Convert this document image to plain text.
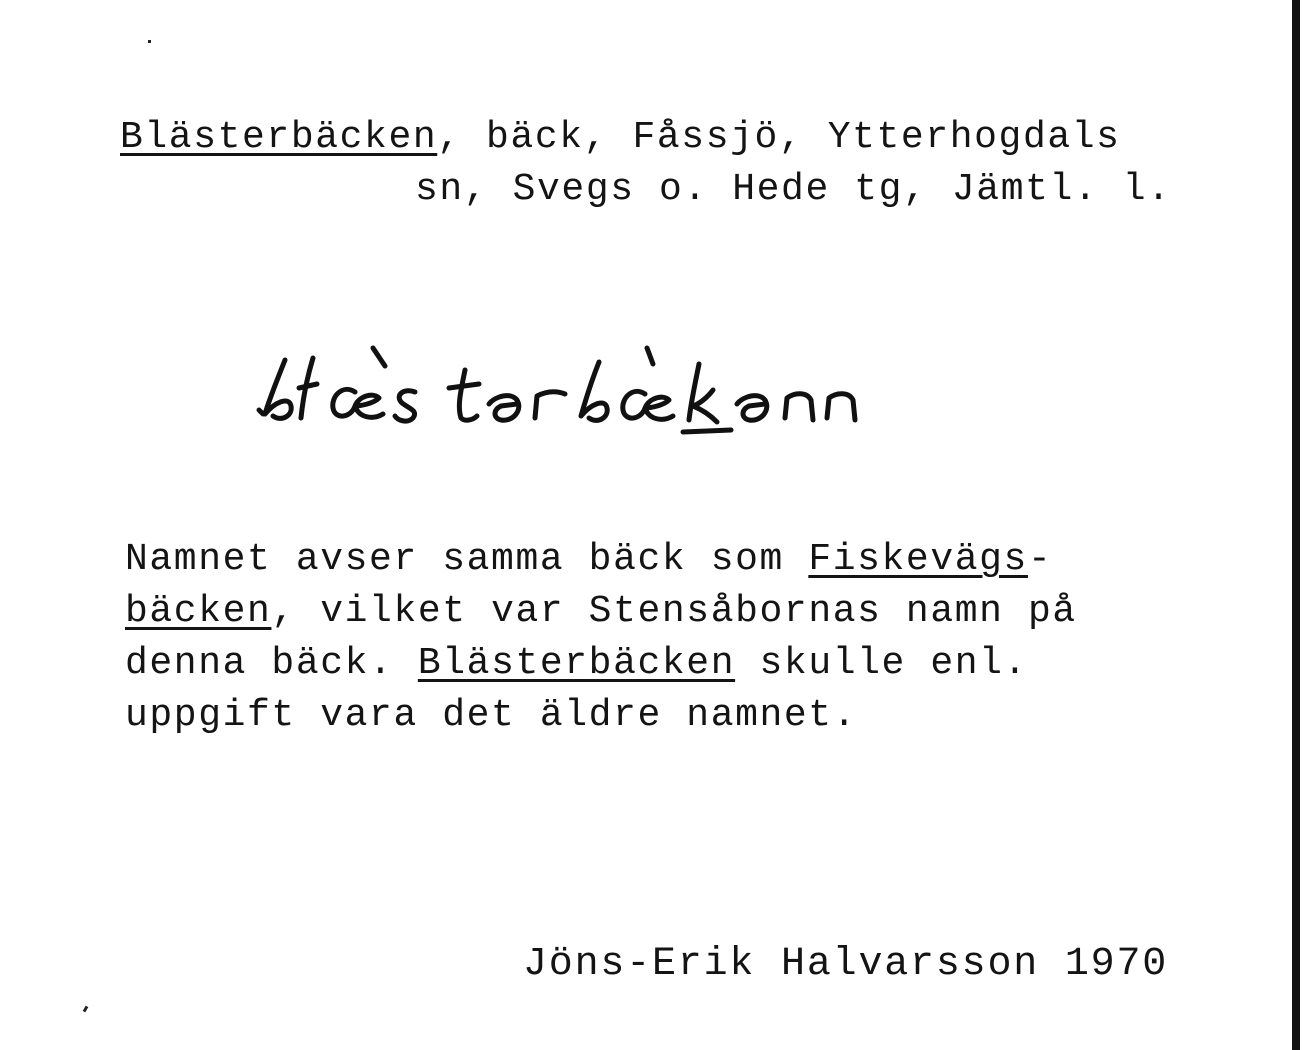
Blästerbäcken, bäck, Fåssjö, Ytterhogdals
sn, Svegs o. Hede tg, Jämtl. l.
Namnet avser samma bäck som Fiskevägs-
bäcken, vilket var Stensåbornas namn på
denna bäck. Blästerbäcken skulle enl.
uppgift vara det äldre namnet.
Jöns-Erik Halvarsson 1970
